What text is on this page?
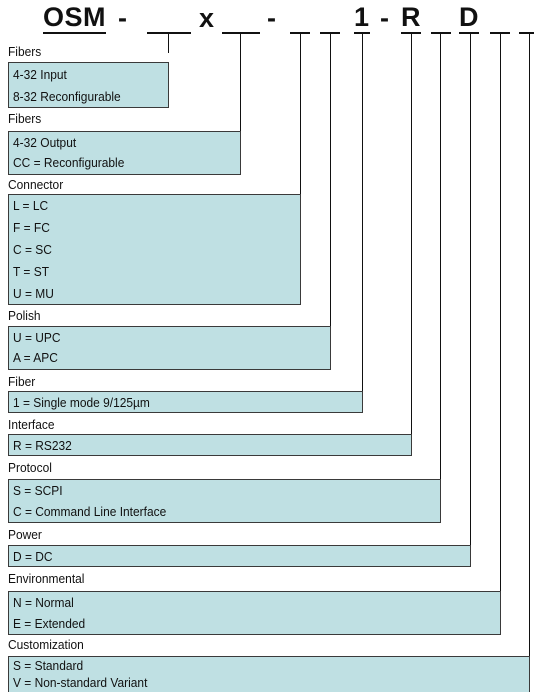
OSM -	x -	1 - R D
Fibers
4-32 Input
8-32 Reconfigurable
Fibers
4-32 Output
CC = Reconfigurable
Connector
L = LC
F = FC
C = SC
T = ST
U = MU
Polish
U = UPC
A = APC
Fiber
1 = Single mode 9/125µm
Interface
R = RS232
Protocol
S = SCPI
C = Command Line Interface
Power
D = DC
Environmental
N = Normal
E = Extended
Customization
S = Standard
V = Non-standard Variant
